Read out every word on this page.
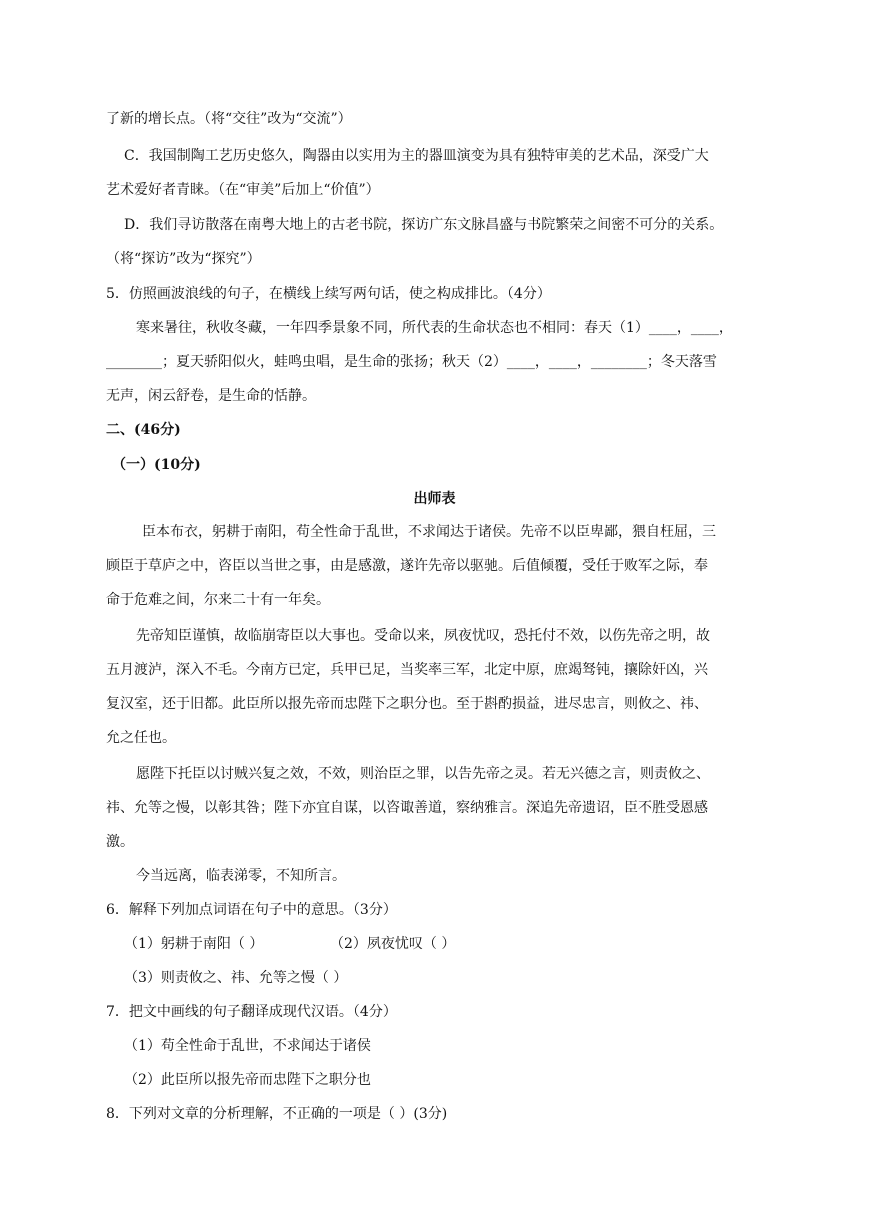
了新的增长点。（将“交往”改为“交流”）
C．我国制陶工艺历史悠久，陶器由以实用为主的器皿演变为具有独特审美的艺术品，深受广大
艺术爱好者青睐。（在“审美”后加上“价值”）
D．我们寻访散落在南粤大地上的古老书院，探访广东文脉昌盛与书院繁荣之间密不可分的关系。
（将“探访”改为“探究”）
5．仿照画波浪线的句子，在横线上续写两句话，使之构成排比。（4分）
寒来暑往，秋收冬藏，一年四季景象不同，所代表的生命状态也不相同：春天（1）____，____，
________；夏天骄阳似火，蛙鸣虫唱，是生命的张扬；秋天（2）____，____，________；冬天落雪
无声，闲云舒卷，是生命的恬静。
二、(46分)
（一）(10分)
出师表
臣本布衣，躬耕于南阳，苟全性命于乱世，不求闻达于诸侯。先帝不以臣卑鄙，猥自枉屈，三
顾臣于草庐之中，咨臣以当世之事，由是感激，遂许先帝以驱驰。后值倾覆，受任于败军之际，奉
命于危难之间，尔来二十有一年矣。
先帝知臣谨慎，故临崩寄臣以大事也。受命以来，夙夜忧叹，恐托付不效，以伤先帝之明，故
五月渡泸，深入不毛。今南方已定，兵甲已足，当奖率三军，北定中原，庶竭驽钝，攘除奸凶，兴
复汉室，还于旧都。此臣所以报先帝而忠陛下之职分也。至于斟酌损益，进尽忠言，则攸之、祎、
允之任也。
愿陛下托臣以讨贼兴复之效，不效，则治臣之罪，以告先帝之灵。若无兴德之言，则责攸之、
祎、允等之慢，以彰其咎；陛下亦宜自谋，以咨诹善道，察纳雅言。深追先帝遗诏，臣不胜受恩感
激。
今当远离，临表涕零，不知所言。
6．解释下列加点词语在句子中的意思。（3分）
（1）躬耕于南阳（ ）	（2）夙夜忧叹（ ）
（3）则责攸之、祎、允等之慢（ ）
7．把文中画线的句子翻译成现代汉语。（4分）
（1）苟全性命于乱世，不求闻达于诸侯
（2）此臣所以报先帝而忠陛下之职分也
8．下列对文章的分析理解，不正确的一项是（ ）(3分)
